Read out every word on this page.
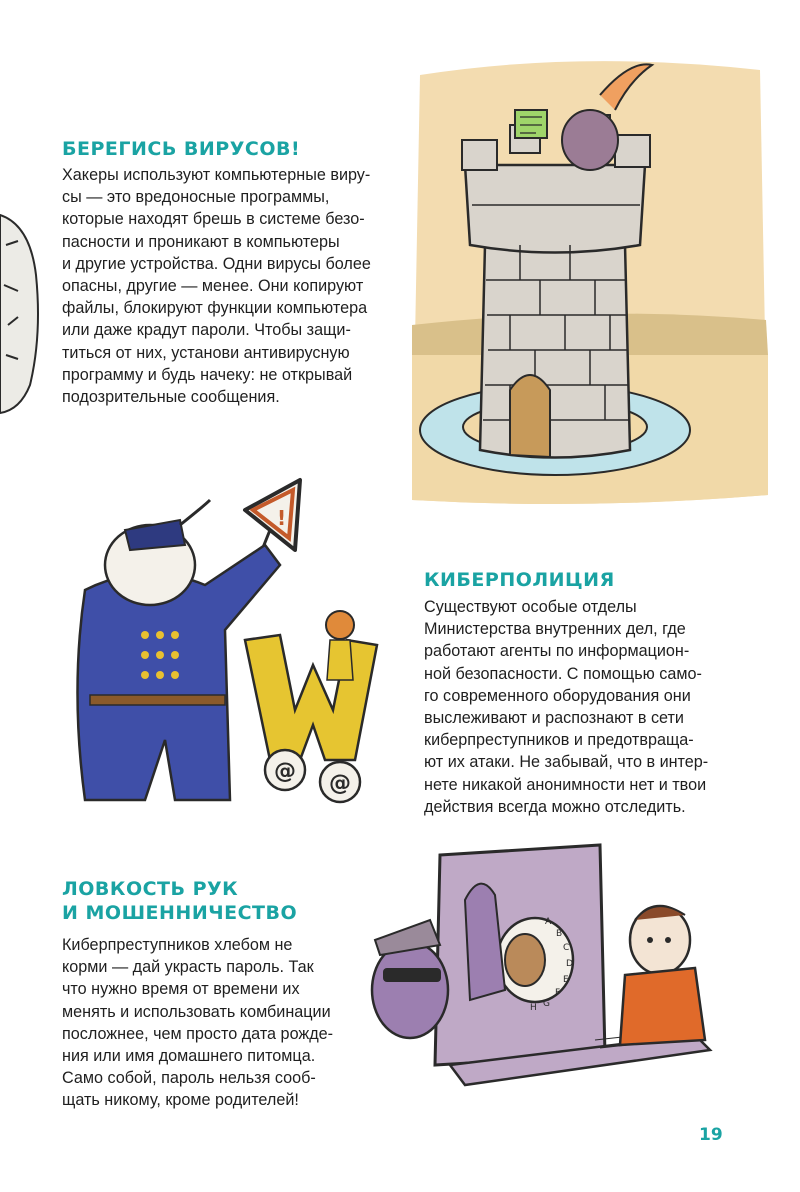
БЕРЕГИСЬ ВИРУСОВ!

Хакеры используют компьютерные виру-
сы — это вредоносные программы,
которые находят брешь в системе безо-
пасности и проникают в компьютеры
и другие устройства. Одни вирусы более
опасны, другие — менее. Они копируют
файлы, блокируют функции компьютера
или даже крадут пароли. Чтобы защи-
титься от них, установи антивирусную
программу и будь начеку: не открывай
подозрительные сообщения.

!
@ @
КИБЕРПОЛИЦИЯ

Существуют особые отделы
Министерства внутренних дел, где
работают агенты по информацион-
ной безопасности. С помощью само-
го современного оборудования они
выслеживают и распознают в сети
киберпреступников и предотвраща-
ют их атаки. Не забывай, что в интер-
нете никакой анонимности нет и твои
действия всегда можно отследить.

ЛОВКОСТЬ РУК
И МОШЕННИЧЕСТВО

Киберпреступников хлебом не
корми — дай украсть пароль. Так
что нужно время от времени их
менять и использовать комбинации
посложнее, чем просто дата рожде-
ния или имя домашнего питомца.
Само собой, пароль нельзя сооб-
щать никому, кроме родителей!

A
B
C
D
E
F
G
H
19
